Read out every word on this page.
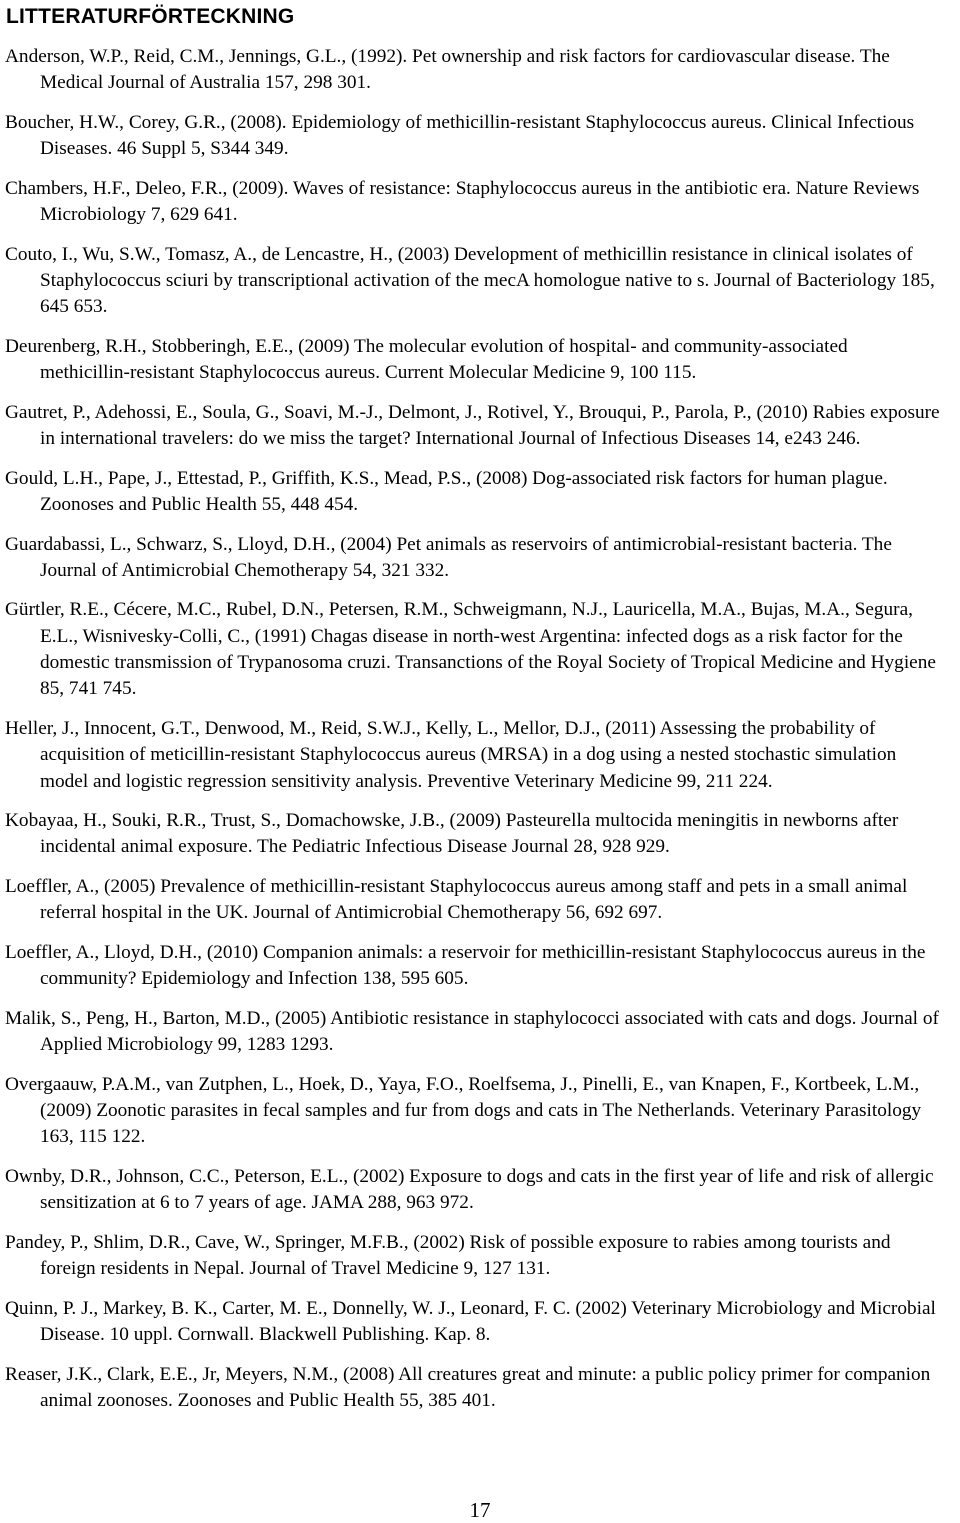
LITTERATURFÖRTECKNING
Anderson, W.P., Reid, C.M., Jennings, G.L., (1992). Pet ownership and risk factors for cardiovascular disease. The Medical Journal of Australia 157, 298 301.
Boucher, H.W., Corey, G.R., (2008). Epidemiology of methicillin-resistant Staphylococcus aureus. Clinical Infectious Diseases. 46 Suppl 5, S344 349.
Chambers, H.F., Deleo, F.R., (2009). Waves of resistance: Staphylococcus aureus in the antibiotic era. Nature Reviews Microbiology 7, 629 641.
Couto, I., Wu, S.W., Tomasz, A., de Lencastre, H., (2003) Development of methicillin resistance in clinical isolates of Staphylococcus sciuri by transcriptional activation of the mecA homologue native to s. Journal of Bacteriology 185, 645 653.
Deurenberg, R.H., Stobberingh, E.E., (2009) The molecular evolution of hospital- and community-associated methicillin-resistant Staphylococcus aureus. Current Molecular Medicine 9, 100 115.
Gautret, P., Adehossi, E., Soula, G., Soavi, M.-J., Delmont, J., Rotivel, Y., Brouqui, P., Parola, P., (2010) Rabies exposure in international travelers: do we miss the target? International Journal of Infectious Diseases 14, e243 246.
Gould, L.H., Pape, J., Ettestad, P., Griffith, K.S., Mead, P.S., (2008) Dog-associated risk factors for human plague. Zoonoses and Public Health 55, 448 454.
Guardabassi, L., Schwarz, S., Lloyd, D.H., (2004) Pet animals as reservoirs of antimicrobial-resistant bacteria. The Journal of Antimicrobial Chemotherapy 54, 321 332.
Gürtler, R.E., Cécere, M.C., Rubel, D.N., Petersen, R.M., Schweigmann, N.J., Lauricella, M.A., Bujas, M.A., Segura, E.L., Wisnivesky-Colli, C., (1991) Chagas disease in north-west Argentina: infected dogs as a risk factor for the domestic transmission of Trypanosoma cruzi. Transanctions of the Royal Society of Tropical Medicine and Hygiene 85, 741 745.
Heller, J., Innocent, G.T., Denwood, M., Reid, S.W.J., Kelly, L., Mellor, D.J., (2011) Assessing the probability of acquisition of meticillin-resistant Staphylococcus aureus (MRSA) in a dog using a nested stochastic simulation model and logistic regression sensitivity analysis. Preventive Veterinary Medicine 99, 211 224.
Kobayaa, H., Souki, R.R., Trust, S., Domachowske, J.B., (2009) Pasteurella multocida meningitis in newborns after incidental animal exposure. The Pediatric Infectious Disease Journal 28, 928 929.
Loeffler, A., (2005) Prevalence of methicillin-resistant Staphylococcus aureus among staff and pets in a small animal referral hospital in the UK. Journal of Antimicrobial Chemotherapy 56, 692 697.
Loeffler, A., Lloyd, D.H., (2010) Companion animals: a reservoir for methicillin-resistant Staphylococcus aureus in the community? Epidemiology and Infection 138, 595 605.
Malik, S., Peng, H., Barton, M.D., (2005) Antibiotic resistance in staphylococci associated with cats and dogs. Journal of Applied Microbiology 99, 1283 1293.
Overgaauw, P.A.M., van Zutphen, L., Hoek, D., Yaya, F.O., Roelfsema, J., Pinelli, E., van Knapen, F., Kortbeek, L.M., (2009) Zoonotic parasites in fecal samples and fur from dogs and cats in The Netherlands. Veterinary Parasitology 163, 115 122.
Ownby, D.R., Johnson, C.C., Peterson, E.L., (2002) Exposure to dogs and cats in the first year of life and risk of allergic sensitization at 6 to 7 years of age. JAMA 288, 963 972.
Pandey, P., Shlim, D.R., Cave, W., Springer, M.F.B., (2002) Risk of possible exposure to rabies among tourists and foreign residents in Nepal. Journal of Travel Medicine 9, 127 131.
Quinn, P. J., Markey, B. K., Carter, M. E., Donnelly, W. J., Leonard, F. C. (2002) Veterinary Microbiology and Microbial Disease. 10 uppl. Cornwall. Blackwell Publishing. Kap. 8.
Reaser, J.K., Clark, E.E., Jr, Meyers, N.M., (2008) All creatures great and minute: a public policy primer for companion animal zoonoses. Zoonoses and Public Health 55, 385 401.
17
